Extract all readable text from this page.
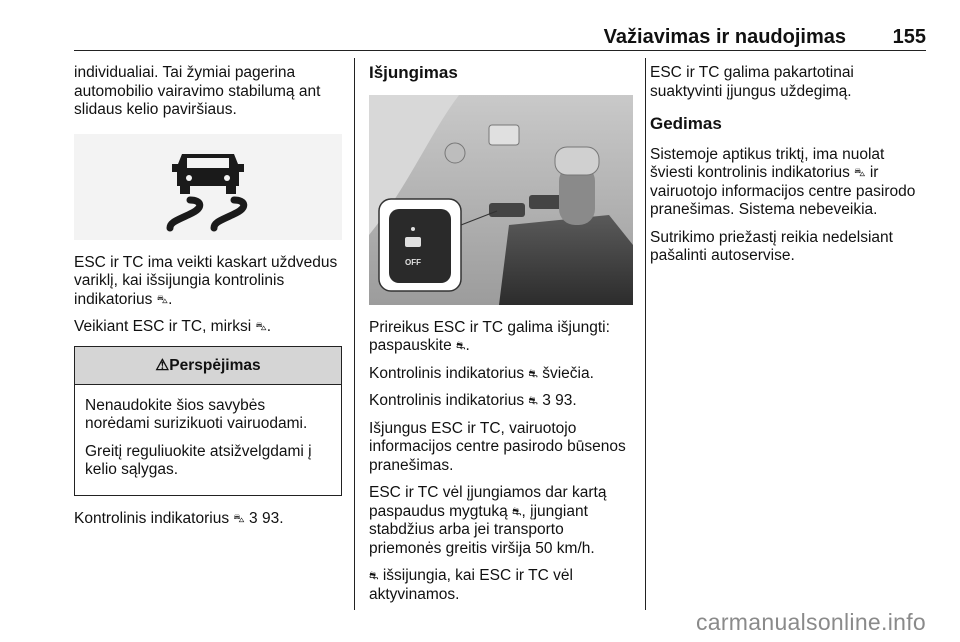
Važiavimas ir naudojimas 155

individualiai. Tai žymiai pagerina automobilio vairavimo stabilumą ant slidaus kelio paviršiaus.

ESC ir TC ima veikti kaskart uždvedus variklį, kai išsijungia kontrolinis indikatorius ⛍.

Veikiant ESC ir TC, mirksi ⛍.

⚠Perspėjimas

Nenaudokite šios savybės norėdami surizikuoti vairuodami.

Greitį reguliuokite atsižvelgdami į kelio sąlygas.

Kontrolinis indikatorius ⛍ 3 93.

Išjungimas
OFF

Prireikus ESC ir TC galima išjungti: paspauskite ⛐.

Kontrolinis indikatorius ⛐ šviečia.

Kontrolinis indikatorius ⛐ 3 93.

Išjungus ESC ir TC, vairuotojo informacijos centre pasirodo būsenos pranešimas.

ESC ir TC vėl įjungiamos dar kartą paspaudus mygtuką ⛐, įjungiant stabdžius arba jei transporto priemonės greitis viršija 50 km/h.

⛐ išsijungia, kai ESC ir TC vėl aktyvinamos.

ESC ir TC galima pakartotinai suaktyvinti įjungus uždegimą.

Gedimas

Sistemoje aptikus triktį, ima nuolat šviesti kontrolinis indikatorius ⛍ ir vairuotojo informacijos centre pasirodo pranešimas. Sistema nebeveikia.

Sutrikimo priežastį reikia nedelsiant pašalinti autoservise.

carmanualsonline.info
